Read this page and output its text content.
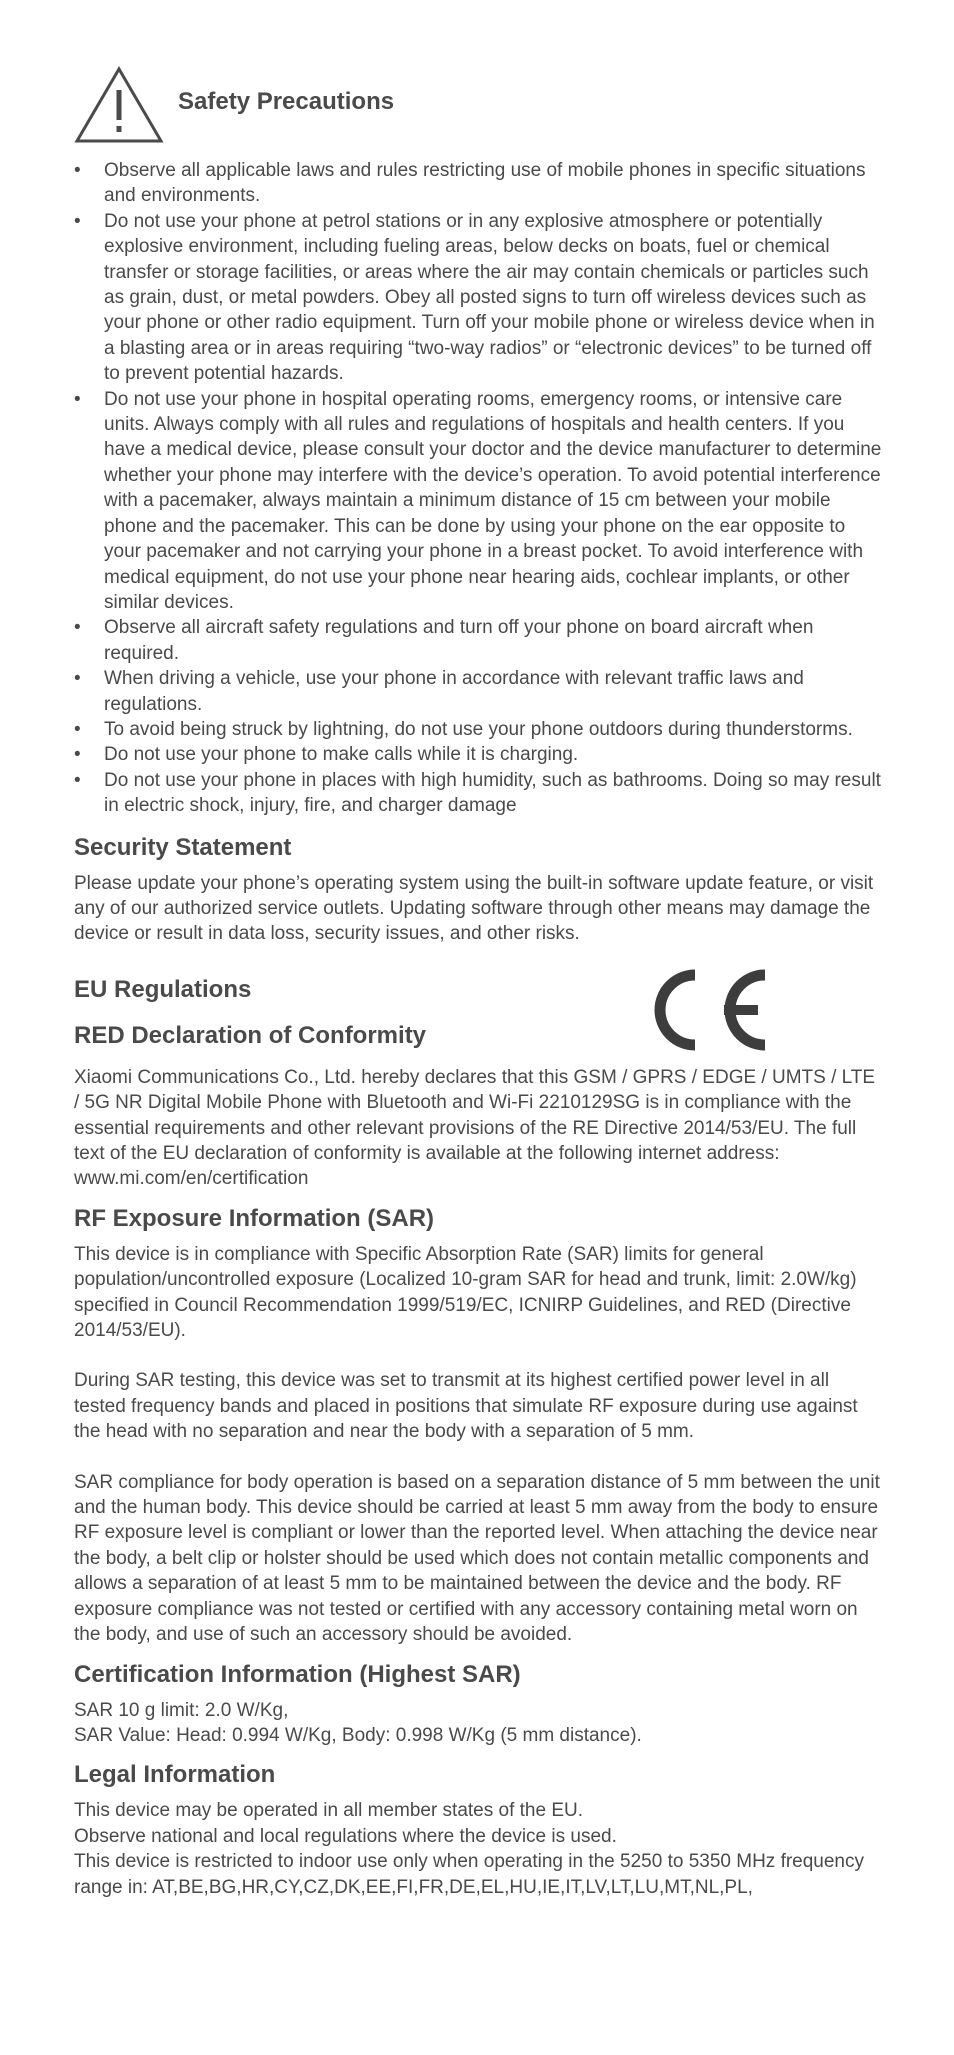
Safety Precautions
• Observe all applicable laws and rules restricting use of mobile phones in specific situations and environments.
• Do not use your phone at petrol stations or in any explosive atmosphere or potentially explosive environment, including fueling areas, below decks on boats, fuel or chemical transfer or storage facilities, or areas where the air may contain chemicals or particles such as grain, dust, or metal powders. Obey all posted signs to turn off wireless devices such as your phone or other radio equipment. Turn off your mobile phone or wireless device when in a blasting area or in areas requiring “two-way radios” or “electronic devices” to be turned off to prevent potential hazards.
• Do not use your phone in hospital operating rooms, emergency rooms, or intensive care units. Always comply with all rules and regulations of hospitals and health centers. If you have a medical device, please consult your doctor and the device manufacturer to determine whether your phone may interfere with the device’s operation. To avoid potential interference with a pacemaker, always maintain a minimum distance of 15 cm between your mobile phone and the pacemaker. This can be done by using your phone on the ear opposite to your pacemaker and not carrying your phone in a breast pocket. To avoid interference with medical equipment, do not use your phone near hearing aids, cochlear implants, or other similar devices.
• Observe all aircraft safety regulations and turn off your phone on board aircraft when required.
• When driving a vehicle, use your phone in accordance with relevant traffic laws and regulations.
• To avoid being struck by lightning, do not use your phone outdoors during thunderstorms.
• Do not use your phone to make calls while it is charging.
• Do not use your phone in places with high humidity, such as bathrooms. Doing so may result in electric shock, injury, fire, and charger damage
Security Statement

Please update your phone’s operating system using the built-in software update feature, or visit any of our authorized service outlets. Updating software through other means may damage the device or result in data loss, security issues, and other risks.

EU Regulations
RED Declaration of Conformity

Xiaomi Communications Co., Ltd. hereby declares that this GSM / GPRS / EDGE / UMTS / LTE / 5G NR Digital Mobile Phone with Bluetooth and Wi-Fi 2210129SG is in compliance with the essential requirements and other relevant provisions of the RE Directive 2014/53/EU. The full text of the EU declaration of conformity is available at the following internet address:

www.mi.com/en/certification

RF Exposure Information (SAR)

This device is in compliance with Specific Absorption Rate (SAR) limits for general population/uncontrolled exposure (Localized 10-gram SAR for head and trunk, limit: 2.0W/kg) specified in Council Recommendation 1999/519/EC, ICNIRP Guidelines, and RED (Directive 2014/53/EU).

During SAR testing, this device was set to transmit at its highest certified power level in all tested frequency bands and placed in positions that simulate RF exposure during use against the head with no separation and near the body with a separation of 5 mm.

SAR compliance for body operation is based on a separation distance of 5 mm between the unit and the human body. This device should be carried at least 5 mm away from the body to ensure RF exposure level is compliant or lower than the reported level. When attaching the device near the body, a belt clip or holster should be used which does not contain metallic components and allows a separation of at least 5 mm to be maintained between the device and the body. RF exposure compliance was not tested or certified with any accessory containing metal worn on the body, and use of such an accessory should be avoided.

Certification Information (Highest SAR)

SAR 10 g limit: 2.0 W/Kg,

SAR Value: Head: 0.994 W/Kg, Body: 0.998 W/Kg (5 mm distance).

Legal Information

This device may be operated in all member states of the EU.

Observe national and local regulations where the device is used.

This device is restricted to indoor use only when operating in the 5250 to 5350 MHz frequency range in: AT,BE,BG,HR,CY,CZ,DK,EE,FI,FR,DE,EL,HU,IE,IT,LV,LT,LU,MT,NL,PL,
